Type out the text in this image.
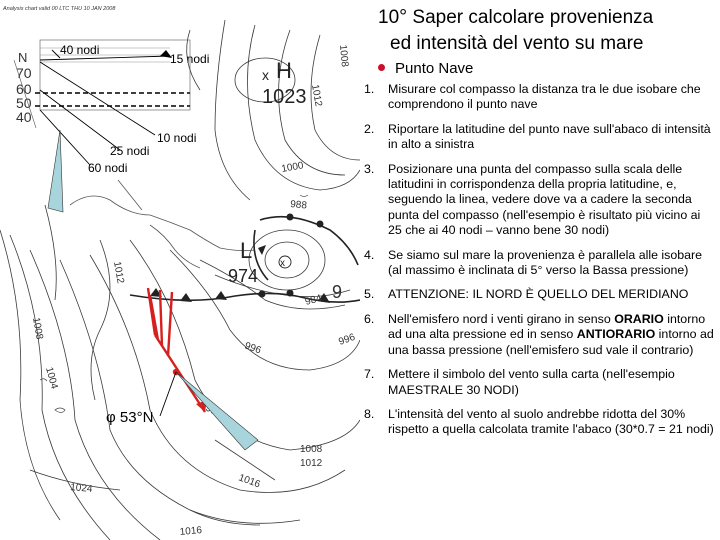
Analysis chart valid 00 LTC THU 10 JAN 2008
N
70
60
50
40
40 nodi
15 nodi
10 nodi
25 nodi
60 nodi
H
1023
x
L
974
x
1012
1008
1004
1000
996
988
984
1008
1012
1016
1024
1012
1016
1008
9
996
φ 53°N
10° Saper calcolare provenienza
ed intensità del vento su mare
Punto Nave
1. Misurare col compasso la distanza tra le due isobare che comprendono il punto nave
2. Riportare la latitudine del punto nave sull'abaco di intensità in alto a sinistra
3. Posizionare una punta del compasso sulla scala delle latitudini in corrispondenza della propria latitudine, e, seguendo la linea, vedere dove va a cadere la seconda punta del compasso (nell'esempio è risultato più vicino ai 25 che ai 40 nodi – vanno bene 30 nodi)
4. Se siamo sul mare la provenienza è parallela alle isobare (al massimo è inclinata di 5° verso la Bassa pressione)
5. ATTENZIONE: IL NORD È QUELLO DEL MERIDIANO
6. Nell'emisfero nord i venti girano in senso ORARIO intorno ad una alta pressione ed in senso ANTIORARIO intorno ad una bassa pressione (nell'emisfero sud vale il contrario)
7. Mettere il simbolo del vento sulla carta (nell'esempio MAESTRALE 30 NODI)
8. L'intensità del vento al suolo andrebbe ridotta del 30% rispetto a quella calcolata tramite l'abaco (30*0.7 = 21 nodi)
